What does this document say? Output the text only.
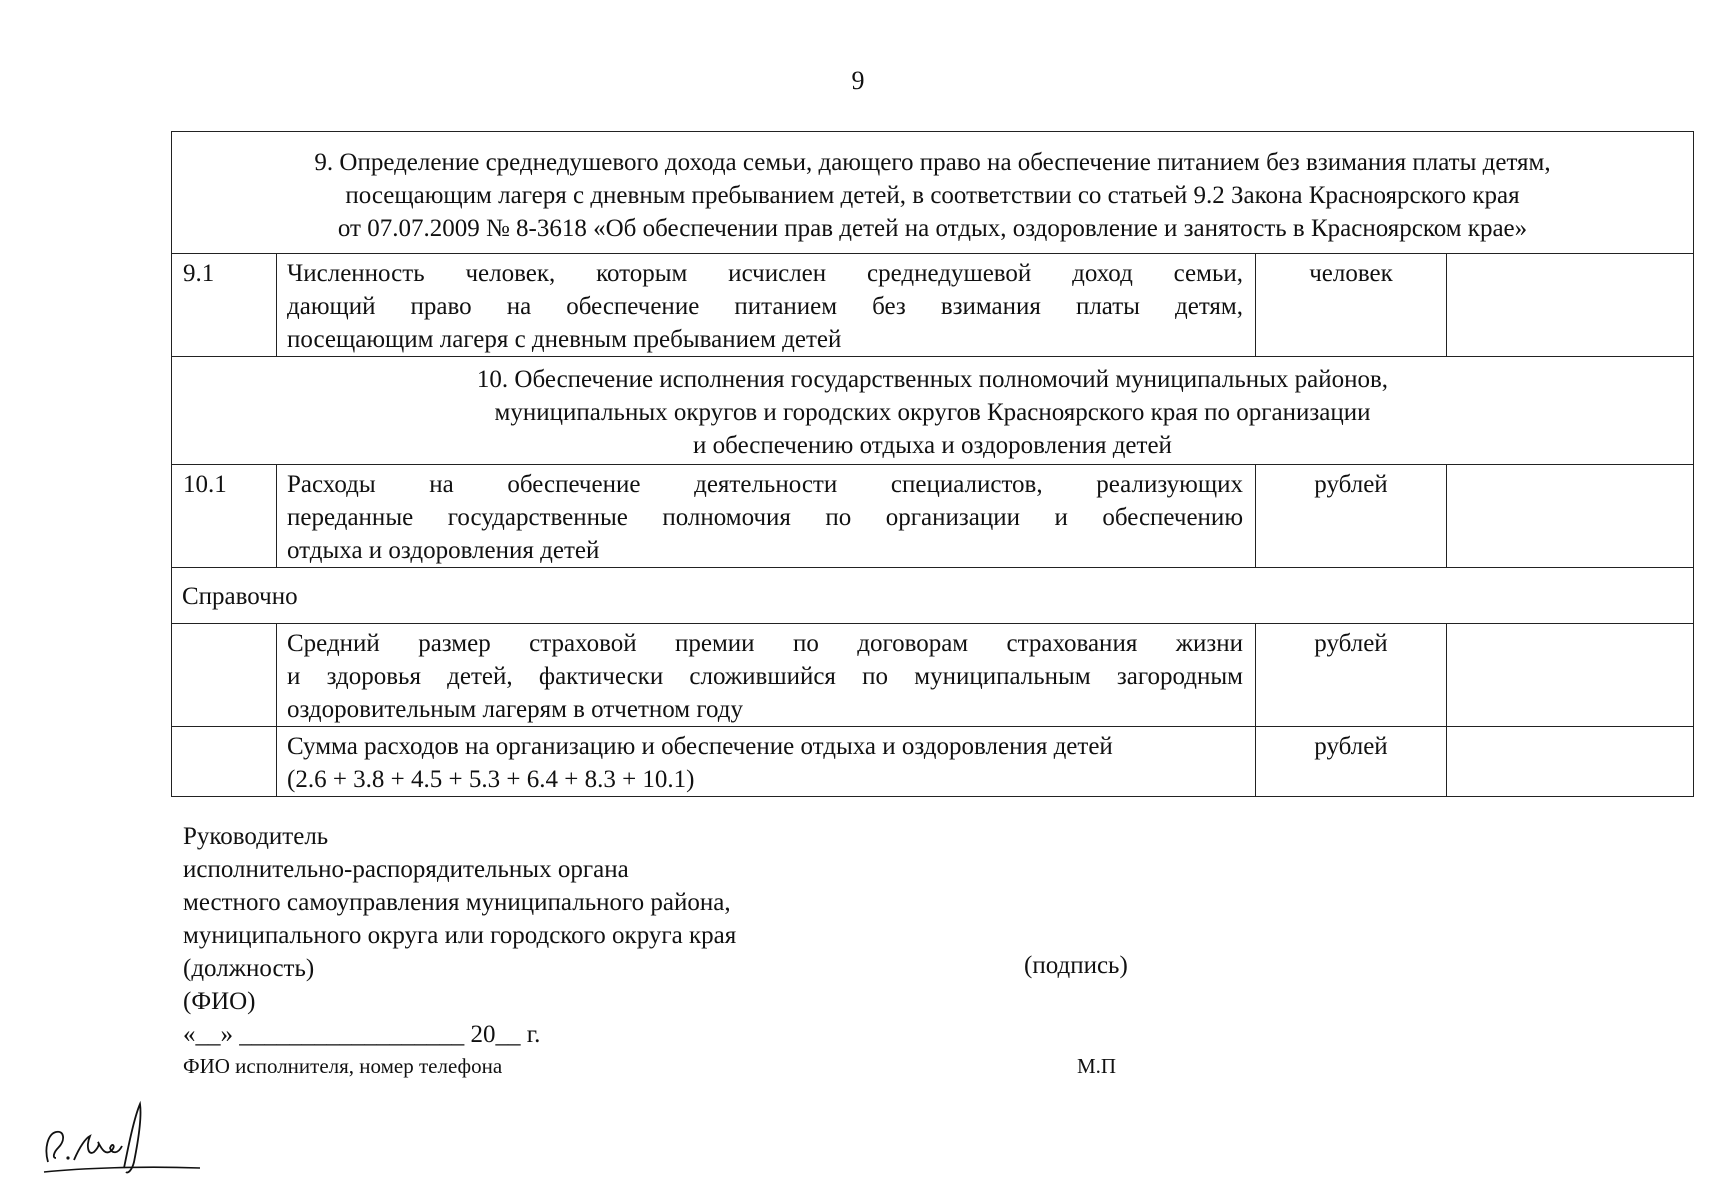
9
9. Определение среднедушевого дохода семьи, дающего право на обеспечение питанием без взимания платы детям,
посещающим лагеря с дневным пребыванием детей, в соответствии со статьей 9.2 Закона Красноярского края
от 07.07.2009 № 8-3618 «Об обеспечении прав детей на отдых, оздоровление и занятость в Красноярском крае»			

9.1	Численность человек, которым исчислен среднедушевой доход семьи,
дающий право на обеспечение питанием без взимания платы детям,
посещающим лагеря с дневным пребыванием детей	человек	

10. Обеспечение исполнения государственных полномочий муниципальных районов,
муниципальных округов и городских округов Красноярского края по организации
и обеспечению отдыха и оздоровления детей			

10.1	Расходы на обеспечение деятельности специалистов, реализующих
переданные государственные полномочия по организации и обеспечению
отдыха и оздоровления детей	рублей	
Справочно			

	Средний размер страховой премии по договорам страхования жизни
и здоровья детей, фактически сложившийся по муниципальным загородным
оздоровительным лагерям в отчетном году	рублей	

	Сумма расходов на организацию и обеспечение отдыха и оздоровления детей
(2.6 + 3.8 + 4.5 + 5.3 + 6.4 + 8.3 + 10.1)	рублей	
Руководитель
исполнительно-распорядительных органа
местного самоуправления муниципального района,
муниципального округа или городского округа края
(должность)
(ФИО)
«__» __________________ 20__ г.
(подпись)
ФИО исполнителя, номер телефона	М.П
